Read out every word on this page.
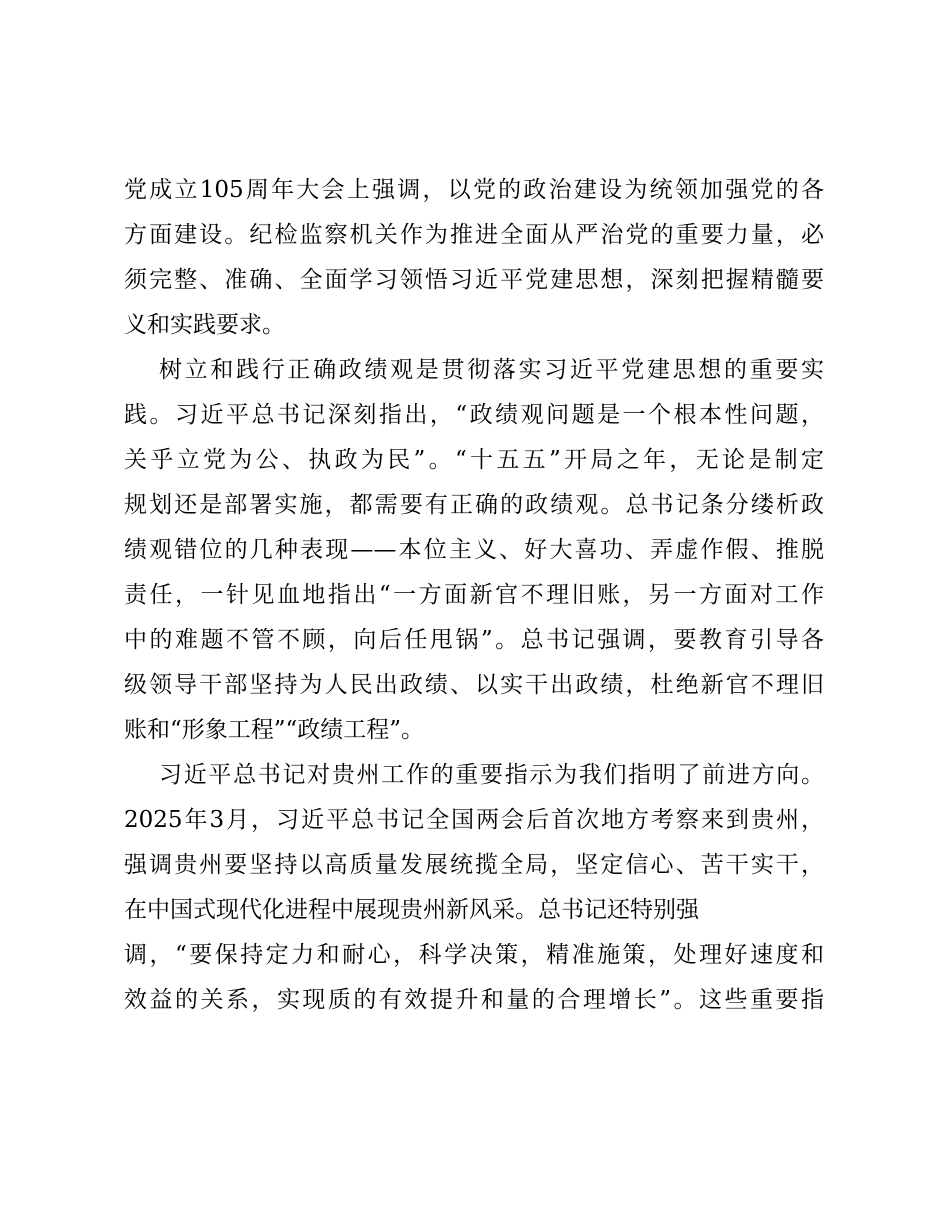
党成立105周年大会上强调，以党的政治建设为统领加强党的各
方面建设。纪检监察机关作为推进全面从严治党的重要力量，必
须完整、准确、全面学习领悟习近平党建思想，深刻把握精髓要
义和实践要求。
树立和践行正确政绩观是贯彻落实习近平党建思想的重要实
践。习近平总书记深刻指出，“政绩观问题是一个根本性问题，
关乎立党为公、执政为民”。“十五五”开局之年，无论是制定
规划还是部署实施，都需要有正确的政绩观。总书记条分缕析政
绩观错位的几种表现——本位主义、好大喜功、弄虚作假、推脱
责任，一针见血地指出“一方面新官不理旧账，另一方面对工作
中的难题不管不顾，向后任甩锅”。总书记强调，要教育引导各
级领导干部坚持为人民出政绩、以实干出政绩，杜绝新官不理旧
账和“形象工程”“政绩工程”。
习近平总书记对贵州工作的重要指示为我们指明了前进方向。
2025年3月，习近平总书记全国两会后首次地方考察来到贵州，
强调贵州要坚持以高质量发展统揽全局，坚定信心、苦干实干，
在中国式现代化进程中展现贵州新风采。总书记还特别强
调，“要保持定力和耐心，科学决策，精准施策，处理好速度和
效益的关系，实现质的有效提升和量的合理增长”。这些重要指
